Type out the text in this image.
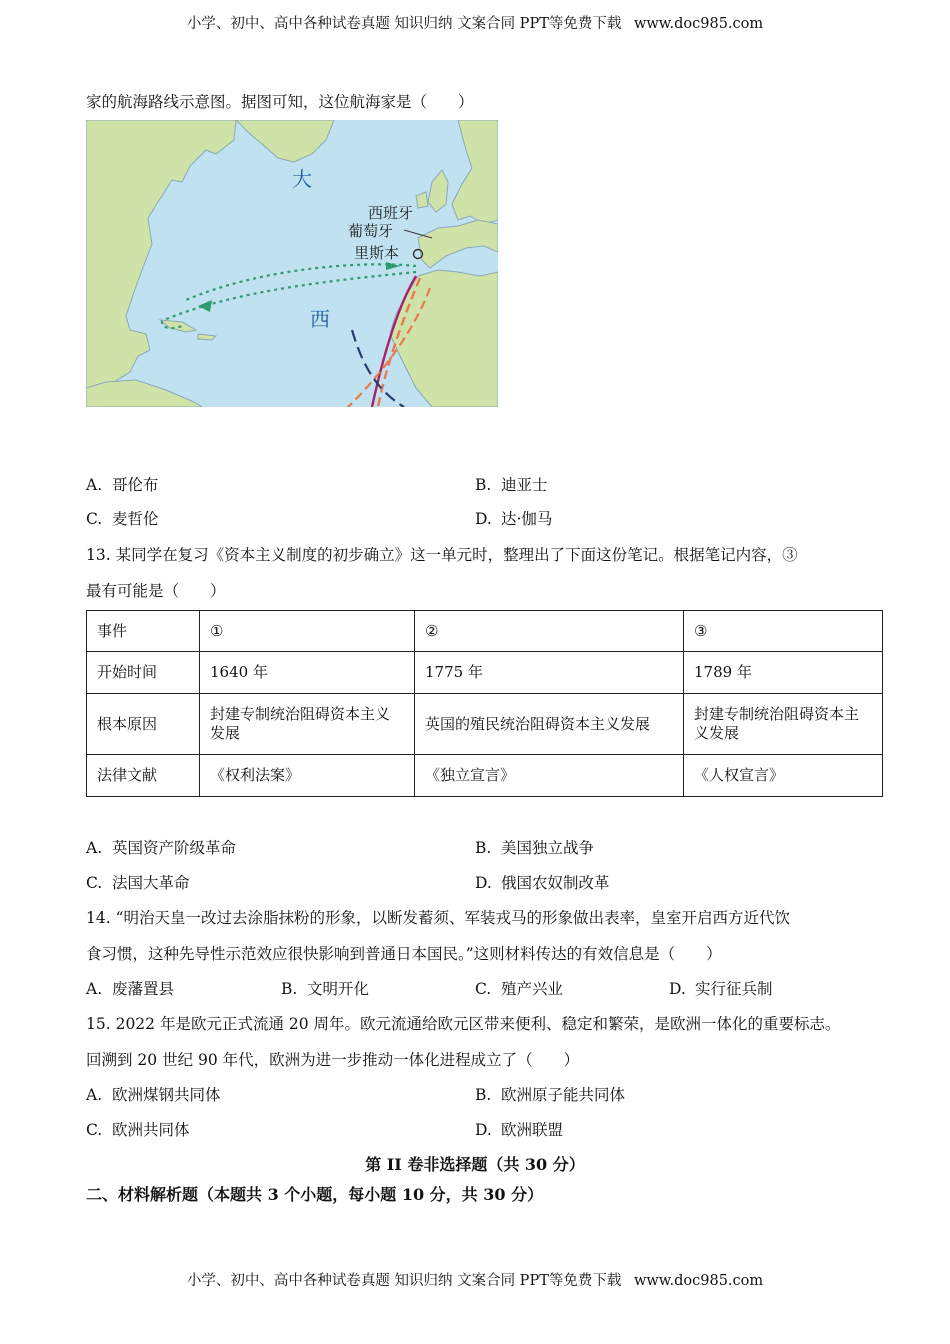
小学、初中、高中各种试卷真题 知识归纳 文案合同 PPT等免费下载 www.doc985.com
家的航海路线示意图。据图可知，这位航海家是（　　）
大
西
西班牙
葡萄牙
里斯本
A. 哥伦布	B. 迪亚士
C. 麦哲伦	D. 达·伽马
13. 某同学在复习《资本主义制度的初步确立》这一单元时，整理出了下面这份笔记。根据笔记内容，③
最有可能是（　　）
事件	①	②	③
开始时间	1640 年	1775 年	1789 年
根本原因	封建专制统治阻碍资本主义发展	英国的殖民统治阻碍资本主义发展	封建专制统治阻碍资本主义发展
法律文献	《权利法案》	《独立宣言》	《人权宣言》
A. 英国资产阶级革命	B. 美国独立战争
C. 法国大革命	D. 俄国农奴制改革
14. “明治天皇一改过去涂脂抹粉的形象，以断发蓄须、军装戎马的形象做出表率，皇室开启西方近代饮
食习惯，这种先导性示范效应很快影响到普通日本国民。”这则材料传达的有效信息是（　　）
A. 废藩置县	B. 文明开化	C. 殖产兴业	D. 实行征兵制
15. 2022 年是欧元正式流通 20 周年。欧元流通给欧元区带来便利、稳定和繁荣，是欧洲一体化的重要标志。
回溯到 20 世纪 90 年代，欧洲为进一步推动一体化进程成立了（　　）
A. 欧洲煤钢共同体	B. 欧洲原子能共同体
C. 欧洲共同体	D. 欧洲联盟
第 II 卷非选择题（共 30 分）
二、材料解析题（本题共 3 个小题，每小题 10 分，共 30 分）
小学、初中、高中各种试卷真题 知识归纳 文案合同 PPT等免费下载 www.doc985.com
